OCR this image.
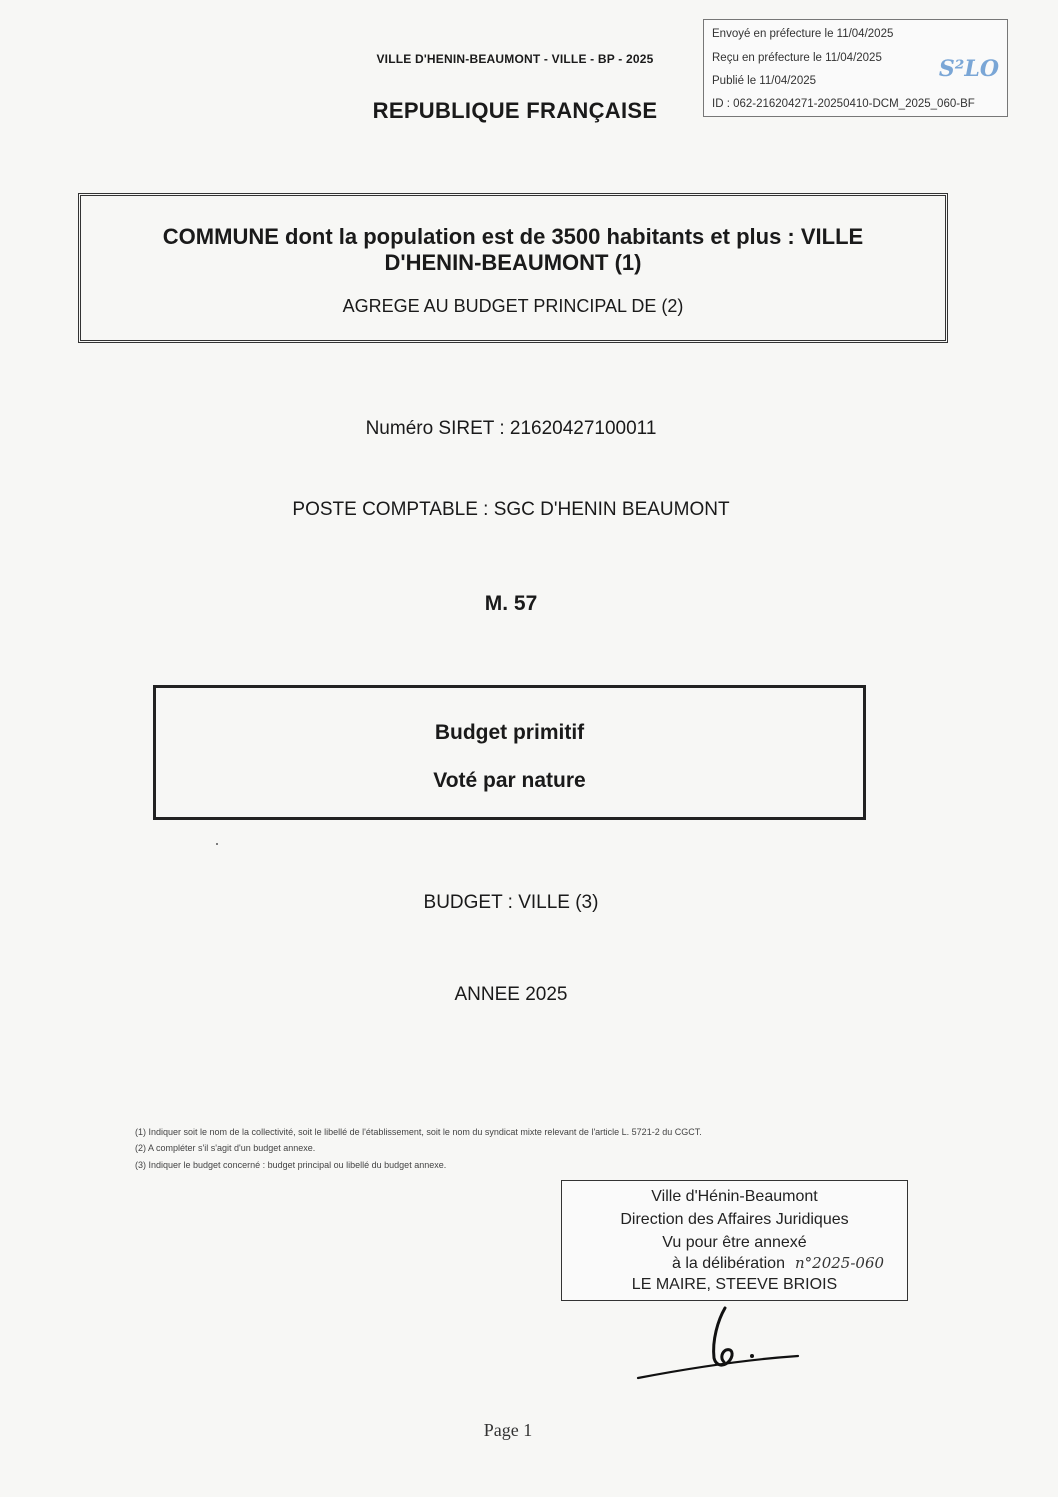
VILLE D'HENIN-BEAUMONT - VILLE - BP - 2025
REPUBLIQUE FRANÇAISE
Envoyé en préfecture le 11/04/2025
Reçu en préfecture le 11/04/2025
Publié le 11/04/2025
ID : 062-216204271-20250410-DCM_2025_060-BF
S²LO
COMMUNE dont la population est de 3500 habitants et plus : VILLE
D'HENIN-BEAUMONT (1)
AGREGE AU BUDGET PRINCIPAL DE (2)
Numéro SIRET : 21620427100011
POSTE COMPTABLE : SGC D'HENIN BEAUMONT
M. 57
Budget primitif
Voté par nature
BUDGET : VILLE (3)
ANNEE 2025
(1) Indiquer soit le nom de la collectivité, soit le libellé de l'établissement, soit le nom du syndicat mixte relevant de l'article L. 5721-2 du CGCT.
(2) A compléter s'il s'agit d'un budget annexe.
(3) Indiquer le budget concerné : budget principal ou libellé du budget annexe.
Ville d'Hénin-Beaumont
Direction des Affaires Juridiques
Vu pour être annexé
à la délibération n°2025-060
LE MAIRE, STEEVE BRIOIS
Page 1
